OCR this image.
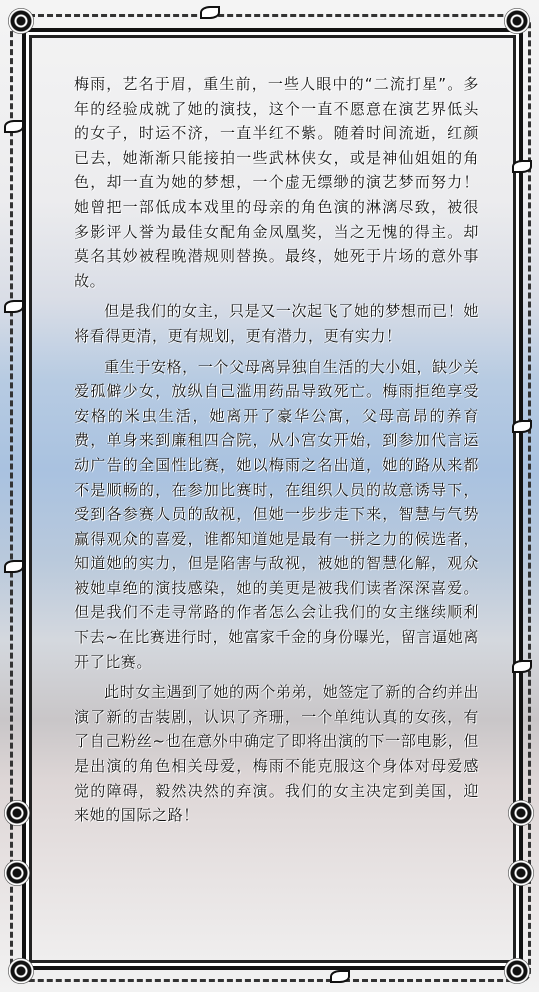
梅雨，艺名于眉，重生前，一些人眼中的“二流打星”。多年的经验成就了她的演技，这个一直不愿意在演艺界低头的女子，时运不济，一直半红不紫。随着时间流逝，红颜已去，她渐渐只能接拍一些武林侠女，或是神仙姐姐的角色，却一直为她的梦想，一个虚无缥缈的演艺梦而努力！她曾把一部低成本戏里的母亲的角色演的淋漓尽致，被很多影评人誉为最佳女配角金凤凰奖，当之无愧的得主。却莫名其妙被程晚潜规则替换。最终，她死于片场的意外事故。

但是我们的女主，只是又一次起飞了她的梦想而已！她将看得更清，更有规划，更有潜力，更有实力！

重生于安格，一个父母离异独自生活的大小姐，缺少关爱孤僻少女，放纵自己滥用药品导致死亡。梅雨拒绝享受安格的米虫生活，她离开了豪华公寓，父母高昂的养育费，单身来到廉租四合院，从小宫女开始，到参加代言运动广告的全国性比赛，她以梅雨之名出道，她的路从来都不是顺畅的，在参加比赛时，在组织人员的故意诱导下，受到各参赛人员的敌视，但她一步步走下来，智慧与气势赢得观众的喜爱，谁都知道她是最有一拼之力的候选者，知道她的实力，但是陷害与敌视，被她的智慧化解，观众被她卓绝的演技感染，她的美更是被我们读者深深喜爱。但是我们不走寻常路的作者怎么会让我们的女主继续顺利下去~在比赛进行时，她富家千金的身份曝光，留言逼她离开了比赛。

此时女主遇到了她的两个弟弟，她签定了新的合约并出演了新的古装剧，认识了齐珊，一个单纯认真的女孩，有了自己粉丝~也在意外中确定了即将出演的下一部电影，但是出演的角色相关母爱，梅雨不能克服这个身体对母爱感觉的障碍，毅然决然的弃演。我们的女主决定到美国，迎来她的国际之路！
